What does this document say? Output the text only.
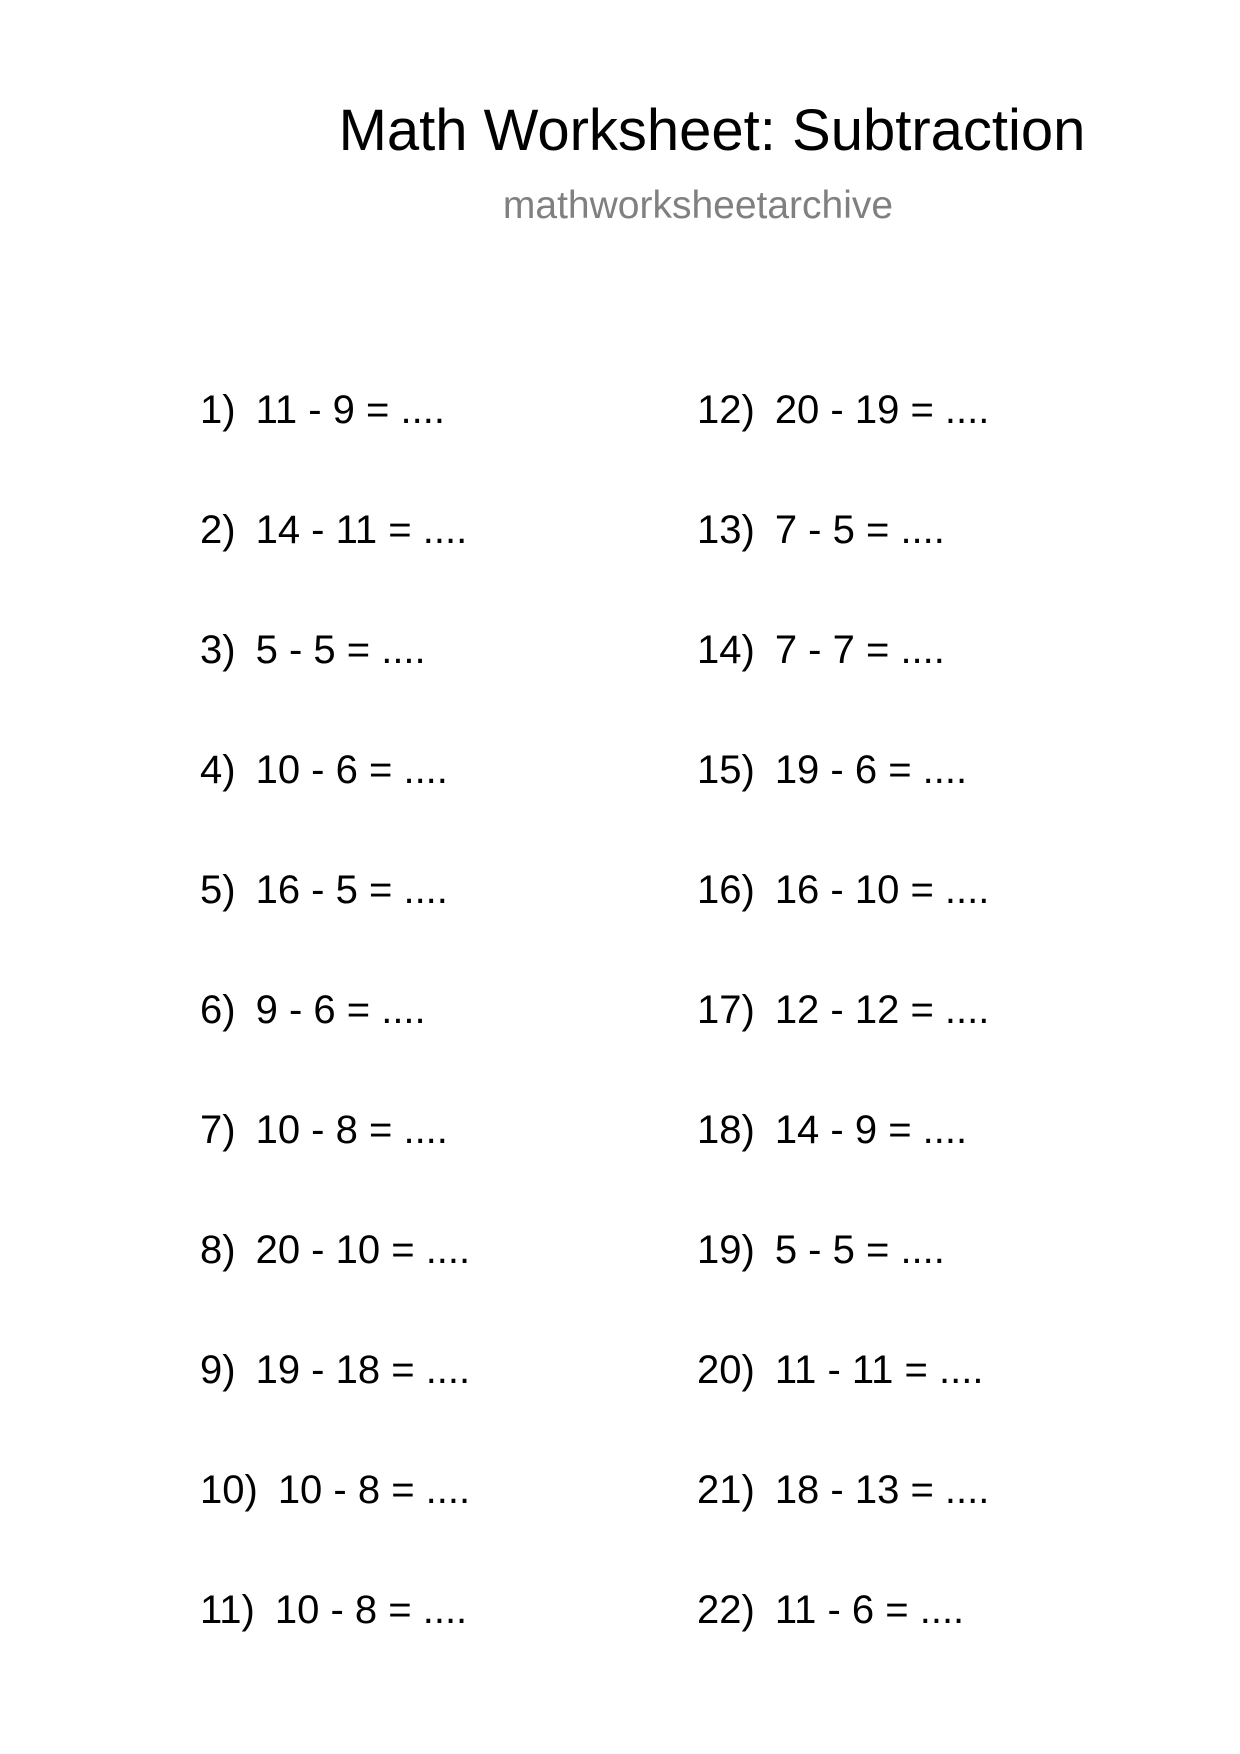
Math Worksheet: Subtraction
mathworksheetarchive
1) 11 - 9 = ....
2) 14 - 11 = ....
3) 5 - 5 = ....
4) 10 - 6 = ....
5) 16 - 5 = ....
6) 9 - 6 = ....
7) 10 - 8 = ....
8) 20 - 10 = ....
9) 19 - 18 = ....
10) 10 - 8 = ....
11) 10 - 8 = ....
12) 20 - 19 = ....
13) 7 - 5 = ....
14) 7 - 7 = ....
15) 19 - 6 = ....
16) 16 - 10 = ....
17) 12 - 12 = ....
18) 14 - 9 = ....
19) 5 - 5 = ....
20) 11 - 11 = ....
21) 18 - 13 = ....
22) 11 - 6 = ....
